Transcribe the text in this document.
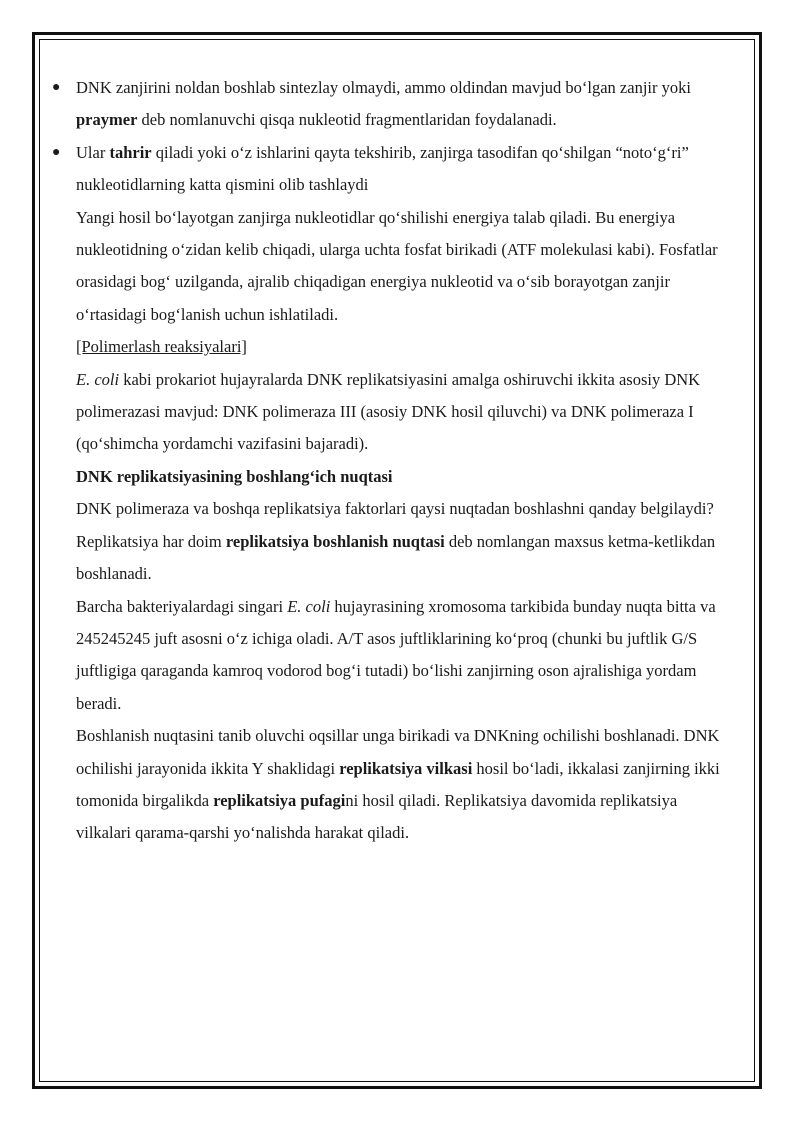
● DNK zanjirini noldan boshlab sintezlay olmaydi, ammo oldindan mavjud bo‘lgan zanjir yoki praymer deb nomlanuvchi qisqa nukleotid fragmentlaridan foydalanadi.

● Ular tahrir qiladi yoki o‘z ishlarini qayta tekshirib, zanjirga tasodifan qo‘shilgan “noto‘g‘ri” nukleotidlarning katta qismini olib tashlaydi

Yangi hosil bo‘layotgan zanjirga nukleotidlar qo‘shilishi energiya talab qiladi. Bu energiya nukleotidning o‘zidan kelib chiqadi, ularga uchta fosfat birikadi (ATF molekulasi kabi). Fosfatlar orasidagi bog‘ uzilganda, ajralib chiqadigan energiya nukleotid va o‘sib borayotgan zanjir o‘rtasidagi bog‘lanish uchun ishlatiladi.

[Polimerlash reaksiyalari]

E. coli kabi prokariot hujayralarda DNK replikatsiyasini amalga oshiruvchi ikkita asosiy DNK polimerazasi mavjud: DNK polimeraza III (asosiy DNK hosil qiluvchi) va DNK polimeraza I (qo‘shimcha yordamchi vazifasini bajaradi).

DNK replikatsiyasining boshlang‘ich nuqtasi

DNK polimeraza va boshqa replikatsiya faktorlari qaysi nuqtadan boshlashni qanday belgilaydi? Replikatsiya har doim replikatsiya boshlanish nuqtasi deb nomlangan maxsus ketma-ketlikdan boshlanadi.

Barcha bakteriyalardagi singari E. coli hujayrasining xromosoma tarkibida bunday nuqta bitta va 245245245 juft asosni o‘z ichiga oladi. A/T asos juftliklarining ko‘proq (chunki bu juftlik G/S juftligiga qaraganda kamroq vodorod bog‘i tutadi) bo‘lishi zanjirning oson ajralishiga yordam beradi.

Boshlanish nuqtasini tanib oluvchi oqsillar unga birikadi va DNKning ochilishi boshlanadi. DNK ochilishi jarayonida ikkita Y shaklidagi replikatsiya vilkasi hosil bo‘ladi, ikkalasi zanjirning ikki tomonida birgalikda replikatsiya pufagini hosil qiladi. Replikatsiya davomida replikatsiya vilkalari qarama-qarshi yo‘nalishda harakat qiladi.
